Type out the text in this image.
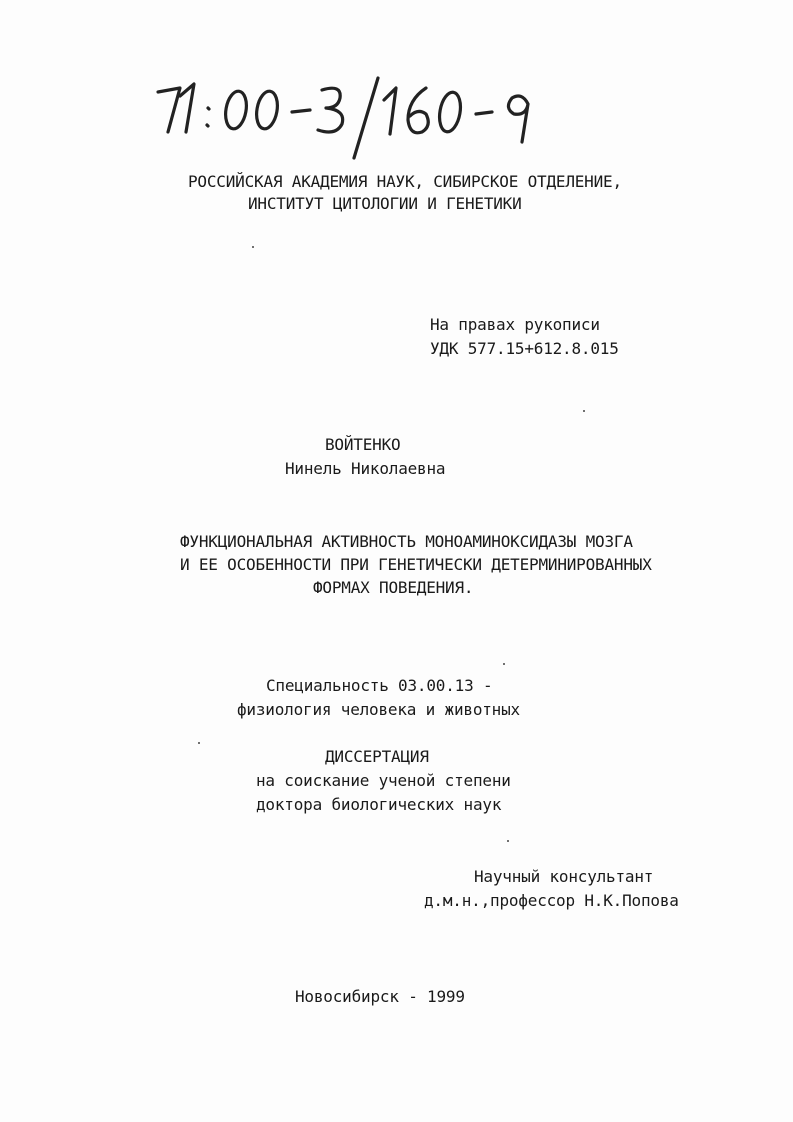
РОССИЙСКАЯ АКАДЕМИЯ НАУК, СИБИРСКОЕ ОТДЕЛЕНИЕ,
ИНСТИТУТ ЦИТОЛОГИИ И ГЕНЕТИКИ
На правах рукописи
УДК 577.15+612.8.015
ВОЙТЕНКО
Нинель Николаевна
ФУНКЦИОНАЛЬНАЯ АКТИВНОСТЬ МОНОАМИНОКСИДАЗЫ МОЗГА
И ЕЕ ОСОБЕННОСТИ ПРИ ГЕНЕТИЧЕСКИ ДЕТЕРМИНИРОВАННЫХ
ФОРМАХ ПОВЕДЕНИЯ.
Специальность 03.00.13 -
физиология человека и животных
ДИССЕРТАЦИЯ
на соискание ученой степени
доктора биологических наук
Научный консультант
д.м.н.,профессор Н.К.Попова
Новосибирск - 1999
